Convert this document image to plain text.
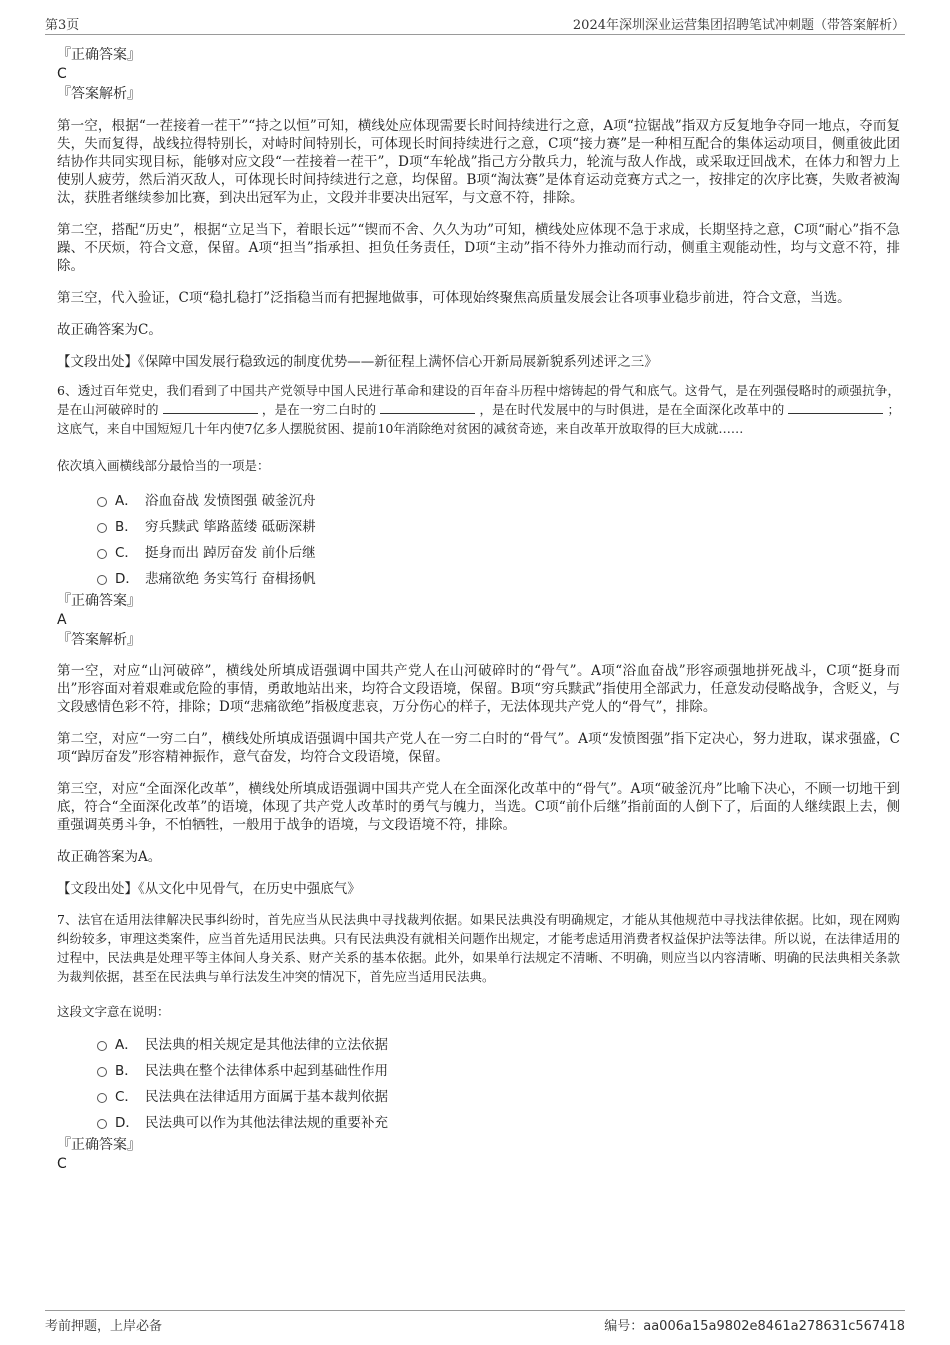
第3页	2024年深圳深业运营集团招聘笔试冲刺题（带答案解析）
『正确答案』
C
『答案解析』

第一空，根据“一茬接着一茬干”“持之以恒”可知，横线处应体现需要长时间持续进行之意，A项“拉锯战”指双方反复地争夺同一地点，夺而复失，失而复得，战线拉得特别长，对峙时间特别长，可体现长时间持续进行之意，C项“接力赛”是一种相互配合的集体运动项目，侧重彼此团结协作共同实现目标，能够对应文段“一茬接着一茬干”，D项“车轮战”指己方分散兵力，轮流与敌人作战，或采取迂回战术，在体力和智力上使别人疲劳，然后消灭敌人，可体现长时间持续进行之意，均保留。B项“淘汰赛”是体育运动竞赛方式之一，按排定的次序比赛，失败者被淘汰，获胜者继续参加比赛，到决出冠军为止，文段并非要决出冠军，与文意不符，排除。

第二空，搭配“历史”，根据“立足当下，着眼长远”“锲而不舍、久久为功”可知，横线处应体现不急于求成，长期坚持之意，C项“耐心”指不急躁、不厌烦，符合文意，保留。A项“担当”指承担、担负任务责任，D项“主动”指不待外力推动而行动，侧重主观能动性，均与文意不符，排除。

第三空，代入验证，C项“稳扎稳打”泛指稳当而有把握地做事，可体现始终聚焦高质量发展会让各项事业稳步前进，符合文意，当选。

故正确答案为C。

【文段出处】《保障中国发展行稳致远的制度优势——新征程上满怀信心开新局展新貌系列述评之三》

6、透过百年党史，我们看到了中国共产党领导中国人民进行革命和建设的百年奋斗历程中熔铸起的骨气和底气。这骨气，是在列强侵略时的顽强抗争，是在山河破碎时的	，是在一穷二白时的	，是在时代发展中的与时俱进，是在全面深化改革中的	；这底气，来自中国短短几十年内使7亿多人摆脱贫困、提前10年消除绝对贫困的减贫奇迹，来自改革开放取得的巨大成就……

依次填入画横线部分最恰当的一项是：

A． 浴血奋战 发愤图强 破釜沉舟
B． 穷兵黩武 筚路蓝缕 砥砺深耕
C． 挺身而出 踔厉奋发 前仆后继
D． 悲痛欲绝 务实笃行 奋楫扬帆
『正确答案』
A
『答案解析』

第一空，对应“山河破碎”，横线处所填成语强调中国共产党人在山河破碎时的“骨气”。A项“浴血奋战”形容顽强地拼死战斗，C项“挺身而出”形容面对着艰难或危险的事情，勇敢地站出来，均符合文段语境，保留。B项“穷兵黩武”指使用全部武力，任意发动侵略战争，含贬义，与文段感情色彩不符，排除；D项“悲痛欲绝”指极度悲哀，万分伤心的样子，无法体现共产党人的“骨气”，排除。

第二空，对应“一穷二白”，横线处所填成语强调中国共产党人在一穷二白时的“骨气”。A项“发愤图强”指下定决心，努力进取，谋求强盛，C项“踔厉奋发”形容精神振作，意气奋发，均符合文段语境，保留。

第三空，对应“全面深化改革”，横线处所填成语强调中国共产党人在全面深化改革中的“骨气”。A项“破釜沉舟”比喻下决心，不顾一切地干到底，符合“全面深化改革”的语境，体现了共产党人改革时的勇气与魄力，当选。C项“前仆后继”指前面的人倒下了，后面的人继续跟上去，侧重强调英勇斗争，不怕牺牲，一般用于战争的语境，与文段语境不符，排除。

故正确答案为A。

【文段出处】《从文化中见骨气，在历史中强底气》

7、法官在适用法律解决民事纠纷时，首先应当从民法典中寻找裁判依据。如果民法典没有明确规定，才能从其他规范中寻找法律依据。比如，现在网购纠纷较多，审理这类案件，应当首先适用民法典。只有民法典没有就相关问题作出规定，才能考虑适用消费者权益保护法等法律。所以说，在法律适用的过程中，民法典是处理平等主体间人身关系、财产关系的基本依据。此外，如果单行法规定不清晰、不明确，则应当以内容清晰、明确的民法典相关条款为裁判依据，甚至在民法典与单行法发生冲突的情况下，首先应当适用民法典。

这段文字意在说明：

A． 民法典的相关规定是其他法律的立法依据
B． 民法典在整个法律体系中起到基础性作用
C． 民法典在法律适用方面属于基本裁判依据
D． 民法典可以作为其他法律法规的重要补充
『正确答案』
C
考前押题，上岸必备	编号：aa006a15a9802e8461a278631c567418
